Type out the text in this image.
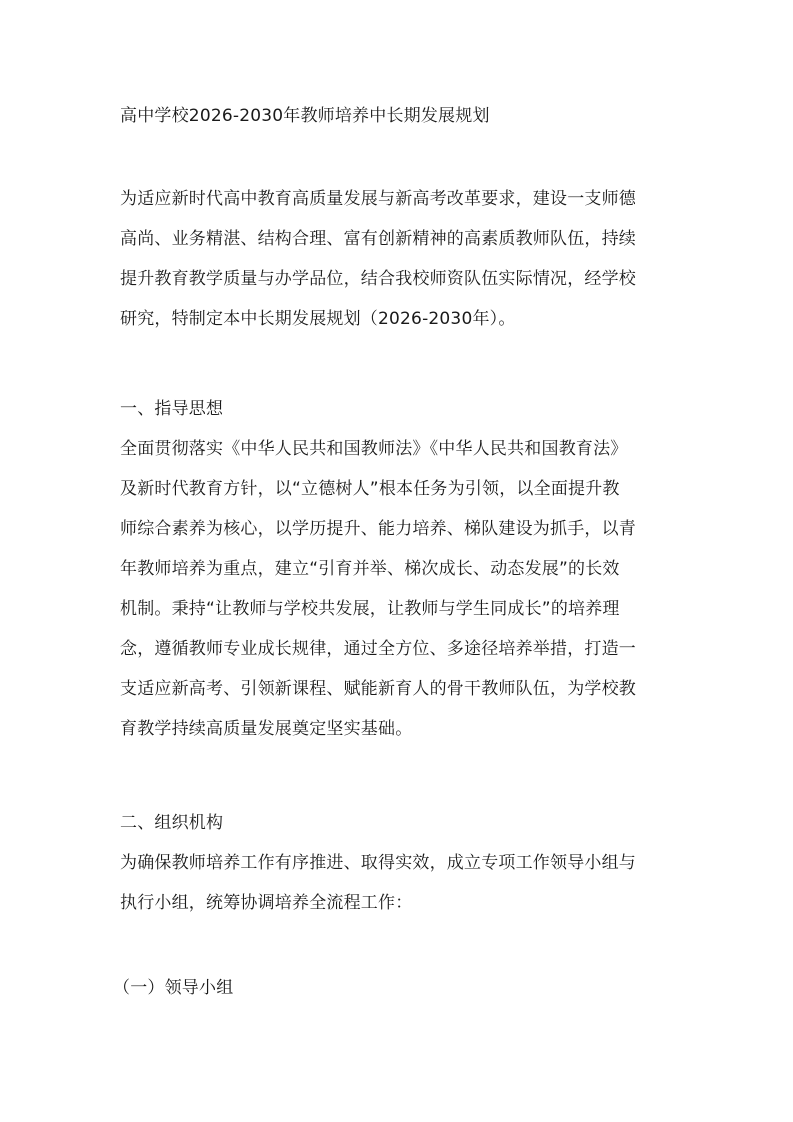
高中学校2026-2030年教师培养中长期发展规划
为适应新时代高中教育高质量发展与新高考改革要求，建设一支师德
高尚、业务精湛、结构合理、富有创新精神的高素质教师队伍，持续
提升教育教学质量与办学品位，结合我校师资队伍实际情况，经学校
研究，特制定本中长期发展规划（2026-2030年）。
一、指导思想
全面贯彻落实《中华人民共和国教师法》《中华人民共和国教育法》
及新时代教育方针，以“立德树人”根本任务为引领，以全面提升教
师综合素养为核心，以学历提升、能力培养、梯队建设为抓手，以青
年教师培养为重点，建立“引育并举、梯次成长、动态发展”的长效
机制。秉持“让教师与学校共发展，让教师与学生同成长”的培养理
念，遵循教师专业成长规律，通过全方位、多途径培养举措，打造一
支适应新高考、引领新课程、赋能新育人的骨干教师队伍，为学校教
育教学持续高质量发展奠定坚实基础。
二、组织机构
为确保教师培养工作有序推进、取得实效，成立专项工作领导小组与
执行小组，统筹协调培养全流程工作：
（一）领导小组
